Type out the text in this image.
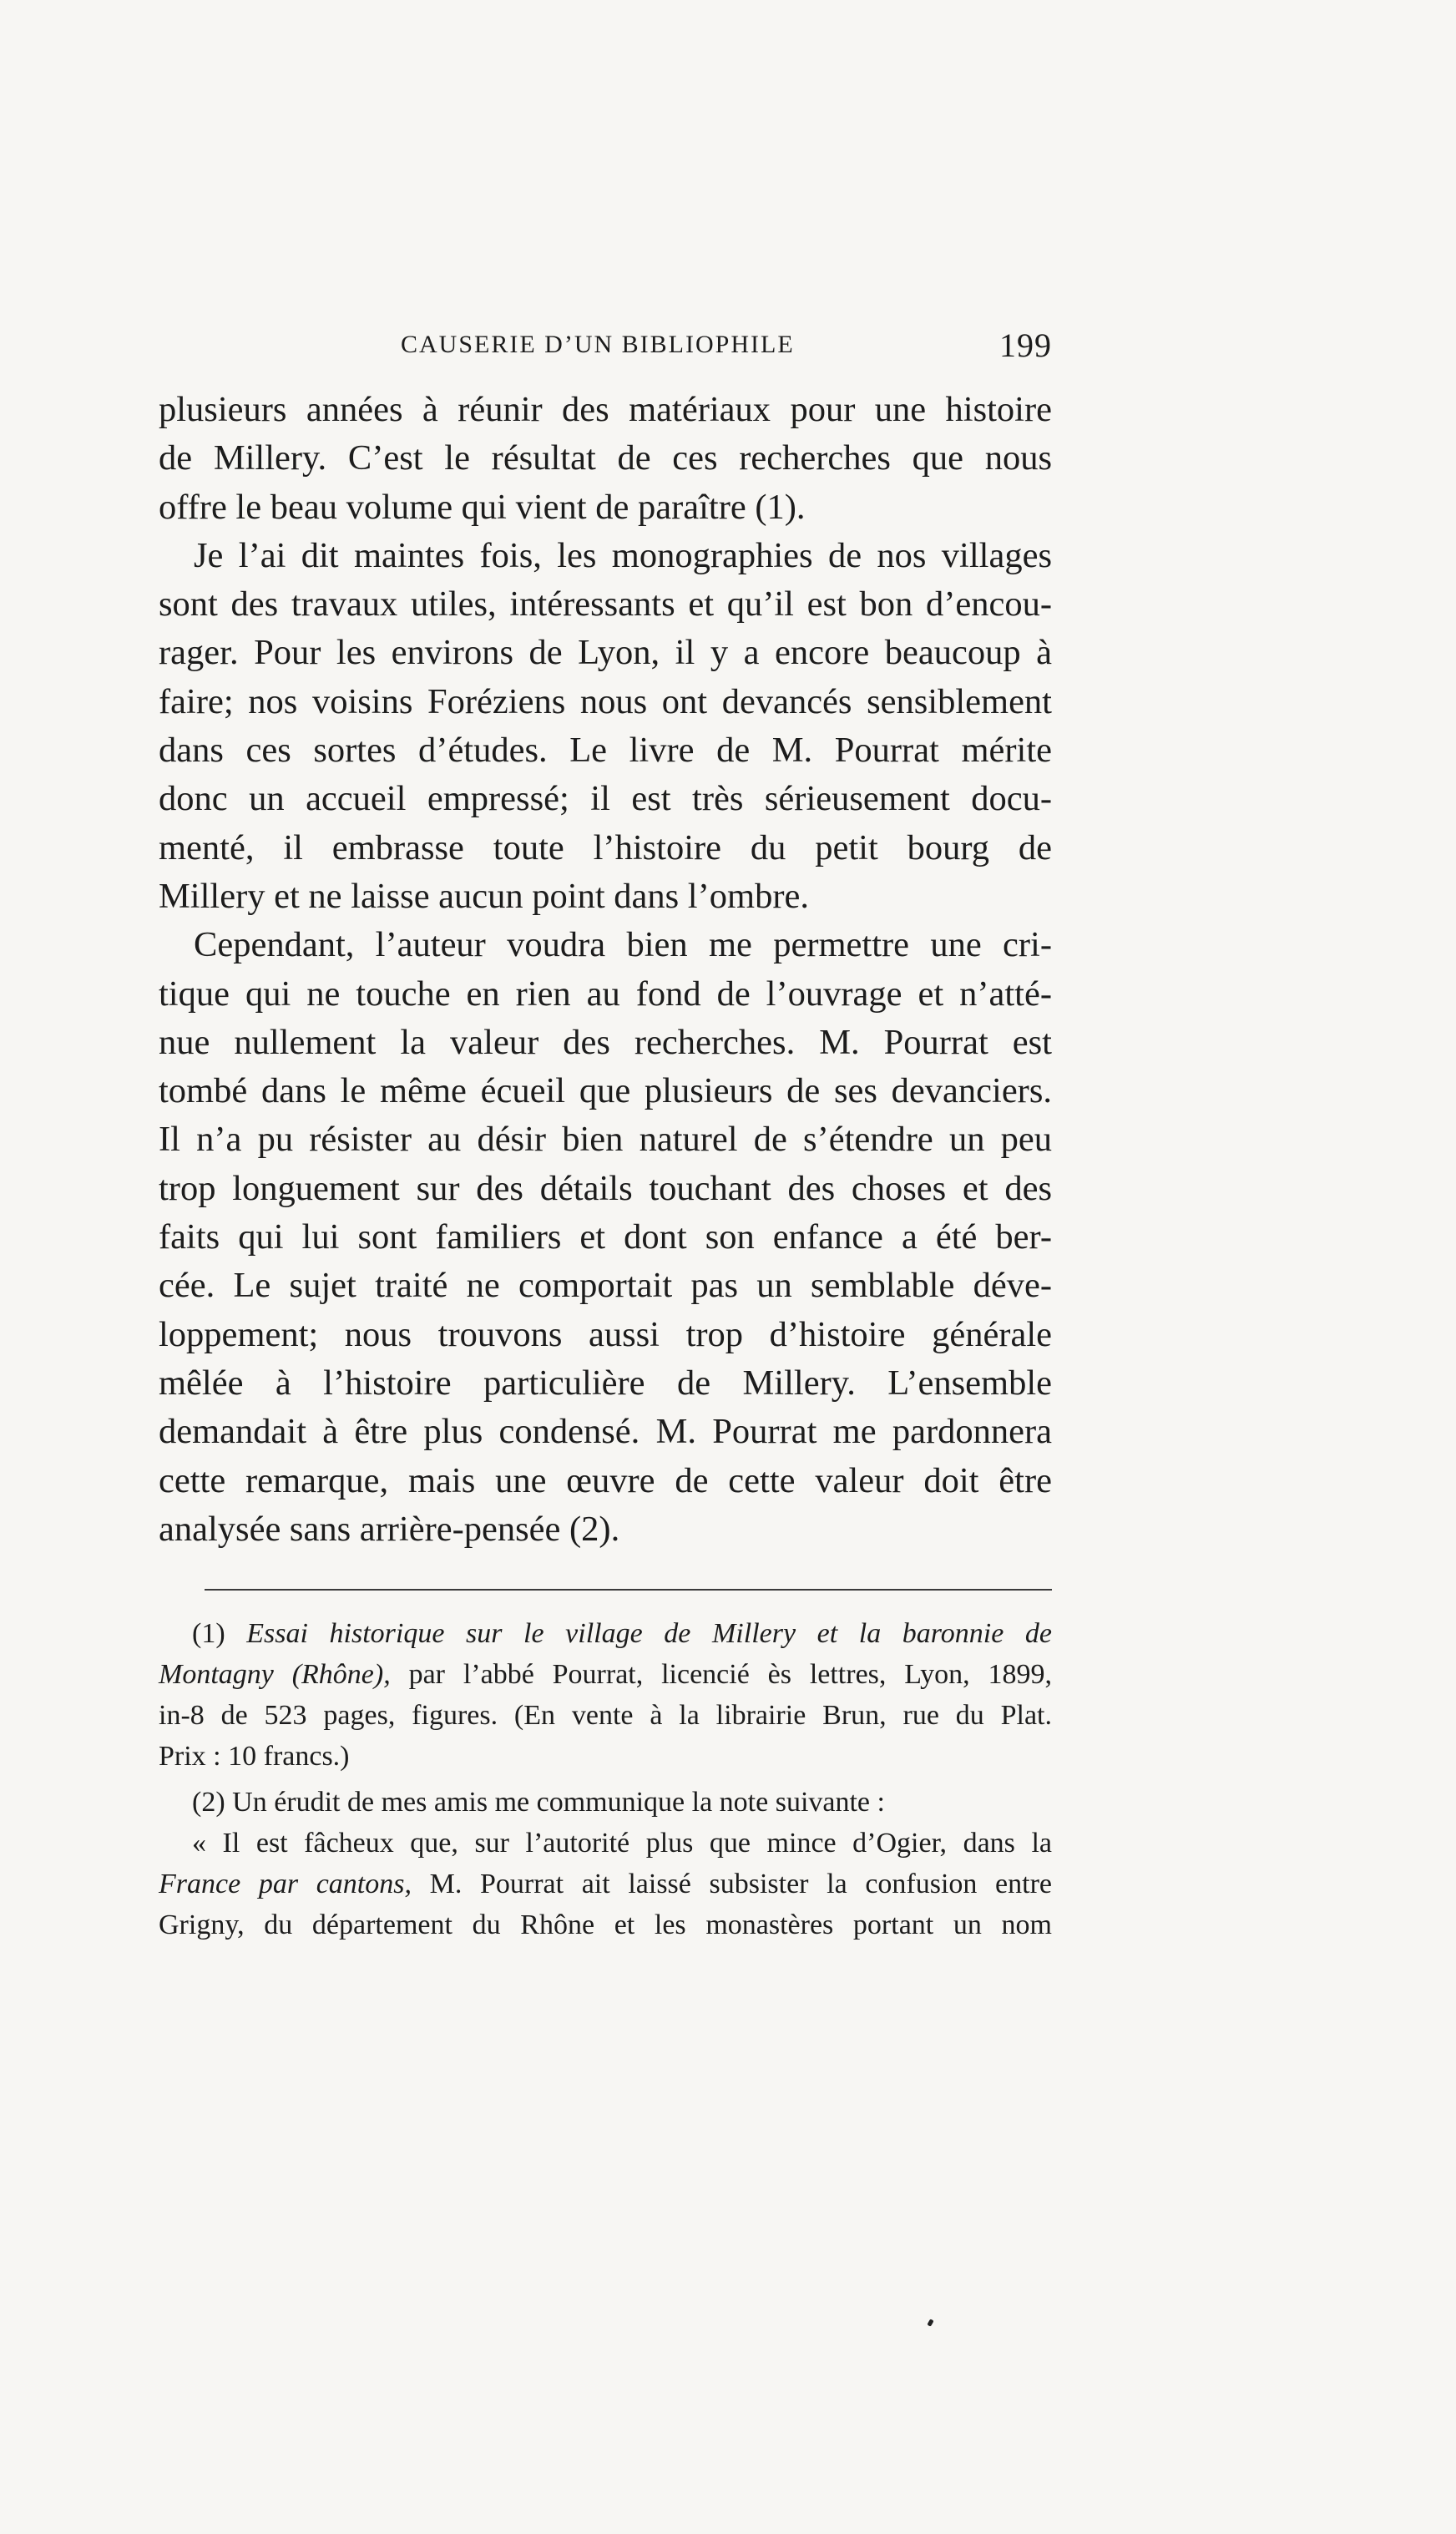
CAUSERIE D’UN BIBLIOPHILE	199
plusieurs années à réunir des matériaux pour une histoire
de Millery. C’est le résultat de ces recherches que nous
offre le beau volume qui vient de paraître (1).
Je l’ai dit maintes fois, les monographies de nos villages
sont des travaux utiles, intéressants et qu’il est bon d’encou-
rager. Pour les environs de Lyon, il y a encore beaucoup à
faire; nos voisins Foréziens nous ont devancés sensiblement
dans ces sortes d’études. Le livre de M. Pourrat mérite
donc un accueil empressé; il est très sérieusement docu-
menté, il embrasse toute l’histoire du petit bourg de
Millery et ne laisse aucun point dans l’ombre.
Cependant, l’auteur voudra bien me permettre une cri-
tique qui ne touche en rien au fond de l’ouvrage et n’atté-
nue nullement la valeur des recherches. M. Pourrat est
tombé dans le même écueil que plusieurs de ses devanciers.
Il n’a pu résister au désir bien naturel de s’étendre un peu
trop longuement sur des détails touchant des choses et des
faits qui lui sont familiers et dont son enfance a été ber-
cée. Le sujet traité ne comportait pas un semblable déve-
loppement; nous trouvons aussi trop d’histoire générale
mêlée à l’histoire particulière de Millery. L’ensemble
demandait à être plus condensé. M. Pourrat me pardonnera
cette remarque, mais une œuvre de cette valeur doit être
analysée sans arrière-pensée (2).
(1) Essai historique sur le village de Millery et la baronnie de
Montagny (Rhône), par l’abbé Pourrat, licencié ès lettres, Lyon, 1899,
in-8 de 523 pages, figures. (En vente à la librairie Brun, rue du Plat.
Prix : 10 francs.)
(2) Un érudit de mes amis me communique la note suivante :
« Il est fâcheux que, sur l’autorité plus que mince d’Ogier, dans la
France par cantons, M. Pourrat ait laissé subsister la confusion entre
Grigny, du département du Rhône et les monastères portant un nom
